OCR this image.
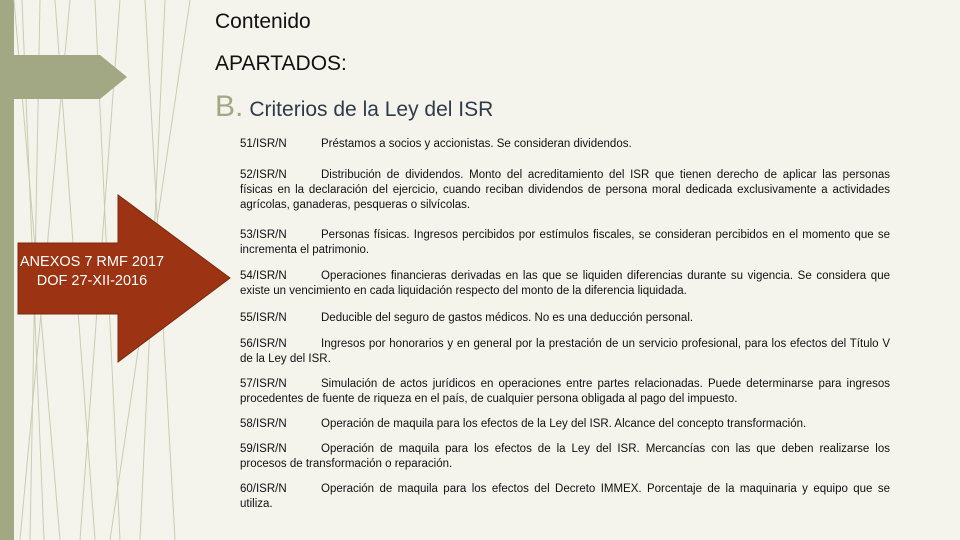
ANEXOS 7 RMF 2017 DOF 27-XII-2016
Contenido
APARTADOS:
B. Criterios de la Ley del ISR

51/ISR/N	Préstamos a socios y accionistas. Se consideran dividendos.

52/ISR/N	Distribución de dividendos. Monto del acreditamiento del ISR que tienen derecho de aplicar las personas físicas en la declaración del ejercicio, cuando reciban dividendos de persona moral dedicada exclusivamente a actividades agrícolas, ganaderas, pesqueras o silvícolas.

53/ISR/N	Personas físicas. Ingresos percibidos por estímulos fiscales, se consideran percibidos en el momento que se incrementa el patrimonio.

54/ISR/N	Operaciones financieras derivadas en las que se liquiden diferencias durante su vigencia. Se considera que existe un vencimiento en cada liquidación respecto del monto de la diferencia liquidada.

55/ISR/N	Deducible del seguro de gastos médicos. No es una deducción personal.

56/ISR/N	Ingresos por honorarios y en general por la prestación de un servicio profesional, para los efectos del Título V de la Ley del ISR.

57/ISR/N	Simulación de actos jurídicos en operaciones entre partes relacionadas. Puede determinarse para ingresos procedentes de fuente de riqueza en el país, de cualquier persona obligada al pago del impuesto.

58/ISR/N	Operación de maquila para los efectos de la Ley del ISR. Alcance del concepto transformación.

59/ISR/N	Operación de maquila para los efectos de la Ley del ISR. Mercancías con las que deben realizarse los procesos de transformación o reparación.

60/ISR/N	Operación de maquila para los efectos del Decreto IMMEX. Porcentaje de la maquinaria y equipo que se utiliza.
